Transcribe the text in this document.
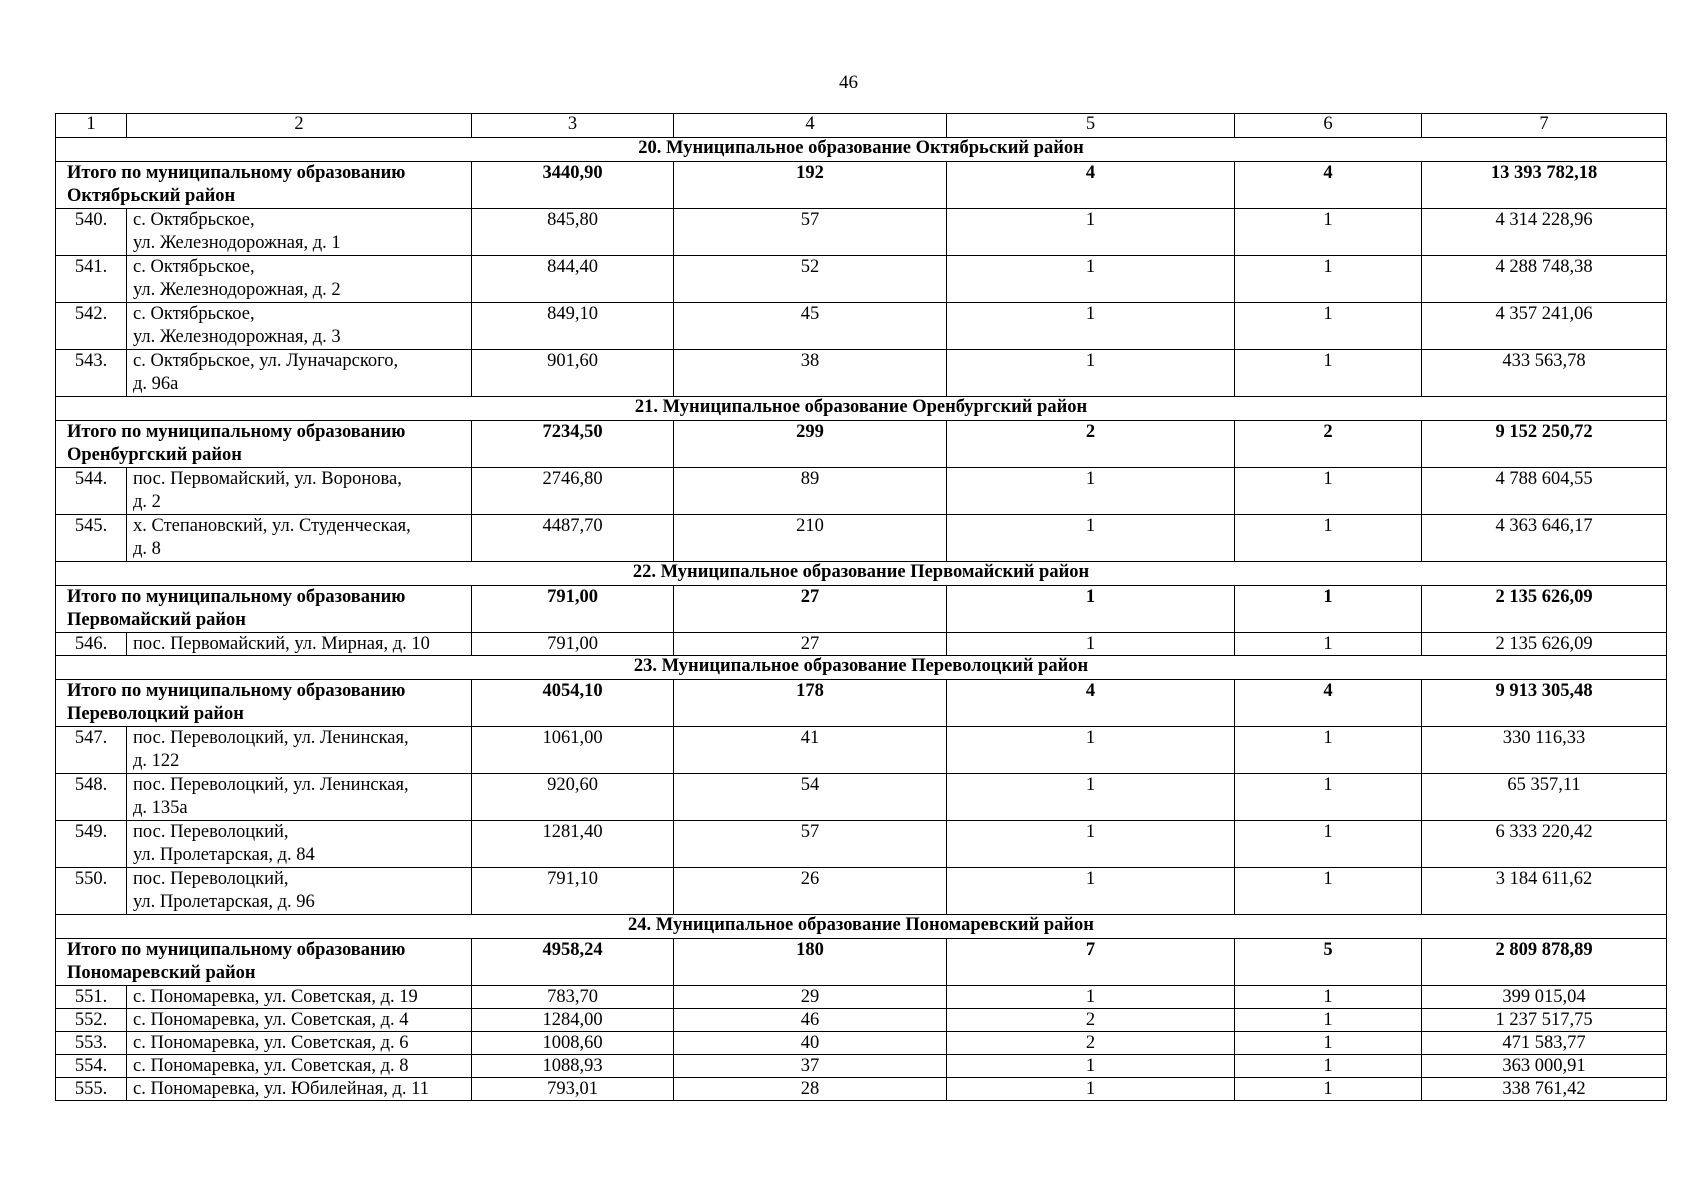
46
1	2	3	4	5	6	7
20. Муниципальное образование Октябрьский район						

Итого по муниципальному образованию
Октябрьский район		3440,90	192	4	4	13 393 782,18
540.	с. Октябрьское,
ул. Железнодорожная, д. 1	845,80	57	1	1	4 314 228,96
541.	с. Октябрьское,
ул. Железнодорожная, д. 2	844,40	52	1	1	4 288 748,38
542.	с. Октябрьское,
ул. Железнодорожная, д. 3	849,10	45	1	1	4 357 241,06
543.	с. Октябрьское, ул. Луначарского,
д. 96а	901,60	38	1	1	433 563,78
21. Муниципальное образование Оренбургский район						

Итого по муниципальному образованию
Оренбургский район		7234,50	299	2	2	9 152 250,72
544.	пос. Первомайский, ул. Воронова,
д. 2	2746,80	89	1	1	4 788 604,55
545.	х. Степановский, ул. Студенческая,
д. 8	4487,70	210	1	1	4 363 646,17
22. Муниципальное образование Первомайский район						

Итого по муниципальному образованию
Первомайский район		791,00	27	1	1	2 135 626,09
546.	пос. Первомайский, ул. Мирная, д. 10	791,00	27	1	1	2 135 626,09
23. Муниципальное образование Переволоцкий район						

Итого по муниципальному образованию
Переволоцкий район		4054,10	178	4	4	9 913 305,48
547.	пос. Переволоцкий, ул. Ленинская,
д. 122	1061,00	41	1	1	330 116,33
548.	пос. Переволоцкий, ул. Ленинская,
д. 135а	920,60	54	1	1	65 357,11
549.	пос. Переволоцкий,
ул. Пролетарская, д. 84	1281,40	57	1	1	6 333 220,42
550.	пос. Переволоцкий,
ул. Пролетарская, д. 96	791,10	26	1	1	3 184 611,62
24. Муниципальное образование Пономаревский район						

Итого по муниципальному образованию
Пономаревский район		4958,24	180	7	5	2 809 878,89
551.	с. Пономаревка, ул. Советская, д. 19	783,70	29	1	1	399 015,04
552.	с. Пономаревка, ул. Советская, д. 4	1284,00	46	2	1	1 237 517,75
553.	с. Пономаревка, ул. Советская, д. 6	1008,60	40	2	1	471 583,77
554.	с. Пономаревка, ул. Советская, д. 8	1088,93	37	1	1	363 000,91
555.	с. Пономаревка, ул. Юбилейная, д. 11	793,01	28	1	1	338 761,42
